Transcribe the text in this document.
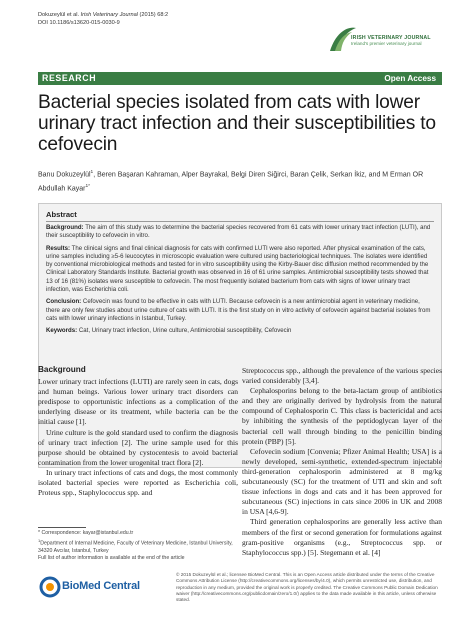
Dokuzeylül et al. Irish Veterinary Journal (2015) 68:2
DOI 10.1186/s13620-015-0030-9
IRISH VETERINARY JOURNAL
Ireland's premier veterinary journal
RESEARCH	Open Access
Bacterial species isolated from cats with lower urinary tract infection and their susceptibilities to cefovecin
Banu Dokuzeylül$^1$, Beren Başaran Kahraman, Alper Bayrakal, Belgi Diren Siğirci, Baran Çelik, Serkan İkiz, and M Erman OR
Abdullah Kayar$^{1*}$
Abstract

Background: The aim of this study was to determine the bacterial species recovered from 61 cats with lower urinary tract infection (LUTI), and their susceptibility to cefovecin in vitro.

Results: The clinical signs and final clinical diagnosis for cats with confirmed LUTI were also reported. After physical examination of the cats, urine samples including ≥5-6 leucocytes in microscopic evaluation were cultured using bacteriological techniques. The isolates were identified by conventional microbiological methods and tested for in vitro susceptibility using the Kirby-Bauer disc diffusion method recommended by the Clinical Laboratory Standards Institute. Bacterial growth was observed in 16 of 61 urine samples. Antimicrobial susceptibility tests showed that 13 of 16 (81%) isolates were susceptible to cefovecin. The most frequently isolated bacterium from cats with signs of lower urinary tract infection, was Escherichia coli.

Conclusion: Cefovecin was found to be effective in cats with LUTI. Because cefovecin is a new antimicrobial agent in veterinary medicine, there are only few studies about urine culture of cats with LUTI. It is the first study on in vitro activity of cefovecin against bacterial isolates from cats with lower urinary infections in Istanbul, Turkey.

Keywords: Cat, Urinary tract infection, Urine culture, Antimicrobial susceptibility, Cefovecin

Background

Lower urinary tract infections (LUTI) are rarely seen in cats, dogs and human beings. Various lower urinary tract disorders can predispose to opportunistic infections as a complication of the underlying disease or its treatment, while bacteria can be the initial cause [1].

Urine culture is the gold standard used to confirm the diagnosis of urinary tract infection [2]. The urine sample used for this purpose should be obtained by cystocentesis to avoid bacterial contamination from the lower urogenital tract flora [2].

In urinary tract infections of cats and dogs, the most commonly isolated bacterial species were reported as Escherichia coli, Proteus spp., Staphylococcus spp. and

Streptococcus spp., although the prevalence of the various species varied considerably [3,4].

Cephalosporins belong to the beta-lactam group of antibiotics and they are originally derived by hydrolysis from the natural compound of Cephalosporin C. This class is bactericidal and acts by inhibiting the synthesis of the peptidoglycan layer of the bacterial cell wall through binding to the penicillin binding protein (PBP) [5].

Cefovecin sodium [Convenia; Pfizer Animal Health; USA] is a newly developed, semi-synthetic, extended-spectrum injectable third-generation cephalosporin administered at 8 mg/kg subcutaneously (SC) for the treatment of UTI and skin and soft tissue infections in dogs and cats and it has been approved for subcutaneous (SC) injections in cats since 2006 in UK and 2008 in USA [4,6-9].

Third generation cephalosporins are generally less active than members of the first or second generation for formulations against gram-positive organisms (e.g., Streptococcus spp. or Staphylococcus spp.) [5]. Stegemann et al. [4]

* Correspondence: kayar@istanbul.edu.tr
$^1$Department of Internal Medicine, Faculty of Veterinary Medicine, Istanbul University, 34320 Avcılar, Istanbul, Turkey
Full list of author information is available at the end of the article
BioMed Central
© 2015 Dokuzeylül et al.; licensee BioMed Central. This is an Open Access article distributed under the terms of the Creative Commons Attribution License (http://creativecommons.org/licenses/by/4.0), which permits unrestricted use, distribution, and reproduction in any medium, provided the original work is properly credited. The Creative Commons Public Domain Dedication waiver (http://creativecommons.org/publicdomain/zero/1.0/) applies to the data made available in this article, unless otherwise stated.
